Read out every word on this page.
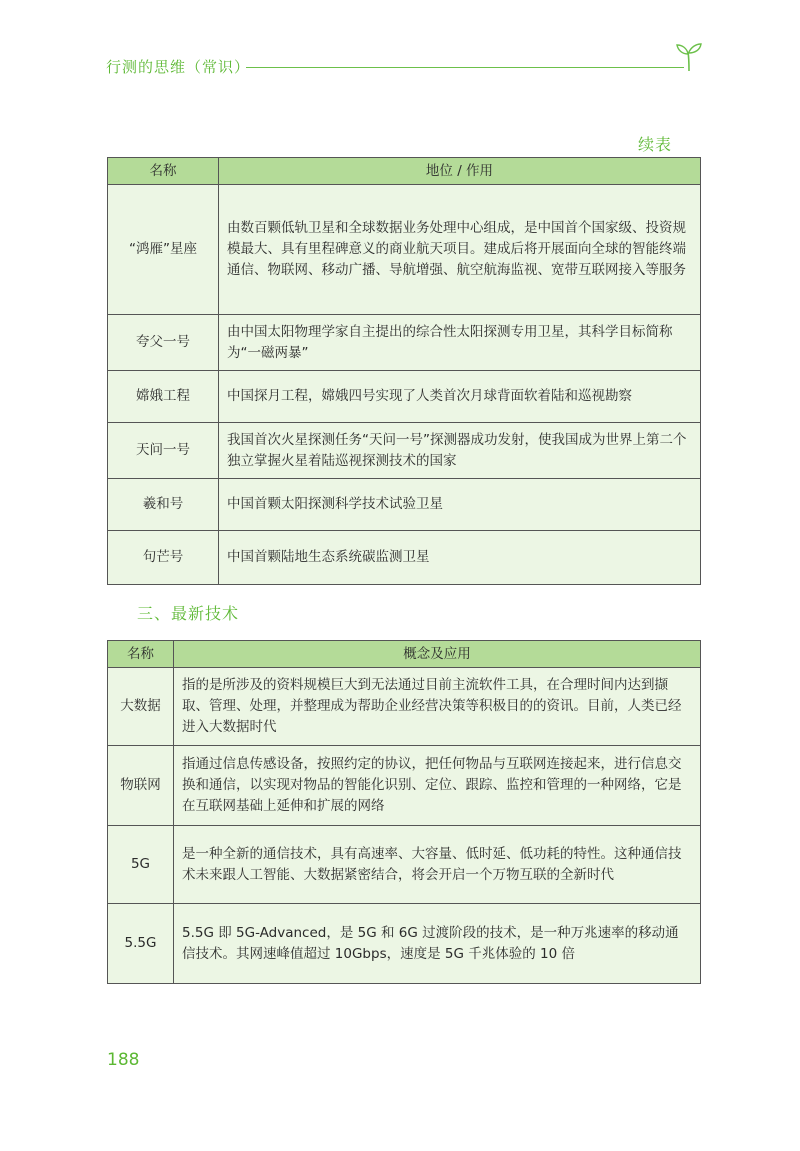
行测的思维（常识）
续表
名称	地位 / 作用
“鸿雁”星座	由数百颗低轨卫星和全球数据业务处理中心组成，是中国首个国家级、投资规模最大、具有里程碑意义的商业航天项目。建成后将开展面向全球的智能终端通信、物联网、移动广播、导航增强、航空航海监视、宽带互联网接入等服务
夸父一号	由中国太阳物理学家自主提出的综合性太阳探测专用卫星，其科学目标简称为“一磁两暴”
嫦娥工程	中国探月工程，嫦娥四号实现了人类首次月球背面软着陆和巡视勘察
天问一号	我国首次火星探测任务“天问一号”探测器成功发射，使我国成为世界上第二个独立掌握火星着陆巡视探测技术的国家
羲和号	中国首颗太阳探测科学技术试验卫星
句芒号	中国首颗陆地生态系统碳监测卫星
三、最新技术
名称	概念及应用
大数据	指的是所涉及的资料规模巨大到无法通过目前主流软件工具，在合理时间内达到撷取、管理、处理，并整理成为帮助企业经营决策等积极目的的资讯。目前，人类已经进入大数据时代
物联网	指通过信息传感设备，按照约定的协议，把任何物品与互联网连接起来，进行信息交换和通信，以实现对物品的智能化识别、定位、跟踪、监控和管理的一种网络，它是在互联网基础上延伸和扩展的网络
5G	是一种全新的通信技术，具有高速率、大容量、低时延、低功耗的特性。这种通信技术未来跟人工智能、大数据紧密结合，将会开启一个万物互联的全新时代
5.5G	5.5G 即 5G-Advanced，是 5G 和 6G 过渡阶段的技术，是一种万兆速率的移动通信技术。其网速峰值超过 10Gbps，速度是 5G 千兆体验的 10 倍
188
